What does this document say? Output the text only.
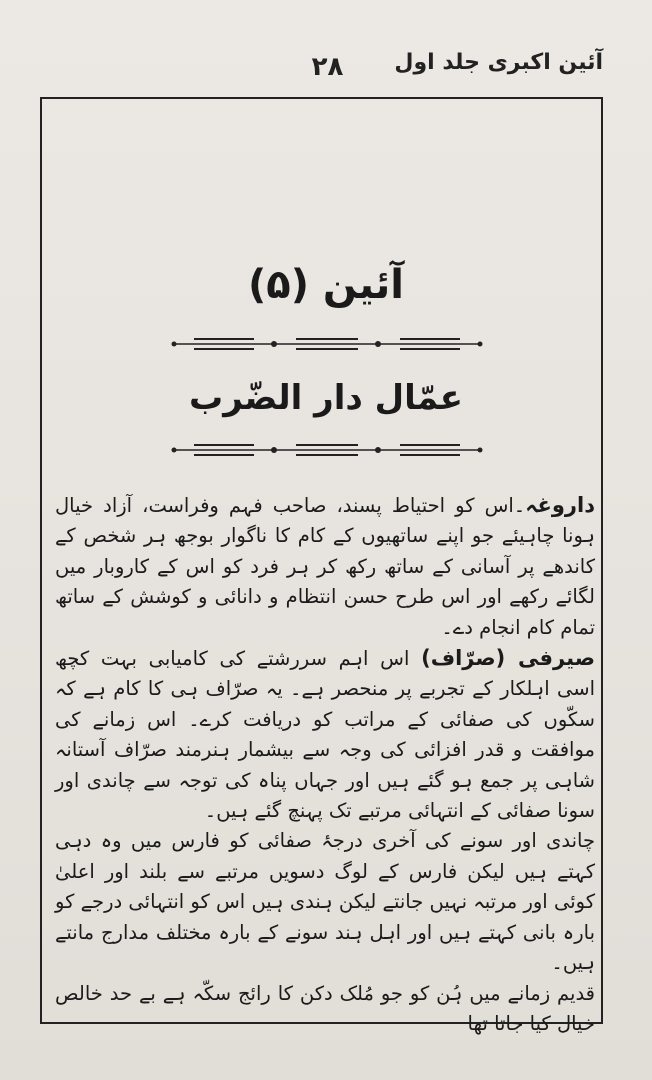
۲۸	آئین اکبری جلد اول
آئین (۵)
عمّال دار الضّرب

داروغہ۔اس کو احتیاط پسند، صاحب فہم وفراست، آزاد خیال ہونا چاہیئے جو اپنے ساتھیوں کے کام کا ناگوار بوجھ ہر شخص کے کاندھے پر آسانی کے ساتھ رکھ کر ہر فرد کو اس کے کاروبار میں لگائے رکھے اور اس طرح حسن انتظام و دانائی و کوشش کے ساتھ تمام کام انجام دے۔

صیرفی (صرّاف) اس اہم سررشتے کی کامیابی بہت کچھ اسی اہلکار کے تجربے پر منحصر ہے۔ یہ صرّاف ہی کا کام ہے کہ سکّوں کی صفائی کے مراتب کو دریافت کرے۔ اس زمانے کی موافقت و قدر افزائی کی وجہ سے بیشمار ہنرمند صرّاف آستانہ شاہی پر جمع ہو گئے ہیں اور جہاں پناہ کی توجہ سے چاندی اور سونا صفائی کے انتہائی مرتبے تک پہنچ گئے ہیں۔

چاندی اور سونے کی آخری درجۂ صفائی کو فارس میں وہ دہی کہتے ہیں لیکن فارس کے لوگ دسویں مرتبے سے بلند اور اعلیٰ کوئی اور مرتبہ نہیں جانتے لیکن ہندی ہیں اس کو انتہائی درجے کو بارہ بانی کہتے ہیں اور اہل ہند سونے کے بارہ مختلف مدارج مانتے ہیں۔

قدیم زمانے میں ہُن کو جو مُلک دکن کا رائج سکّہ ہے بے حد خالص خیال کیا جاتا تھا
